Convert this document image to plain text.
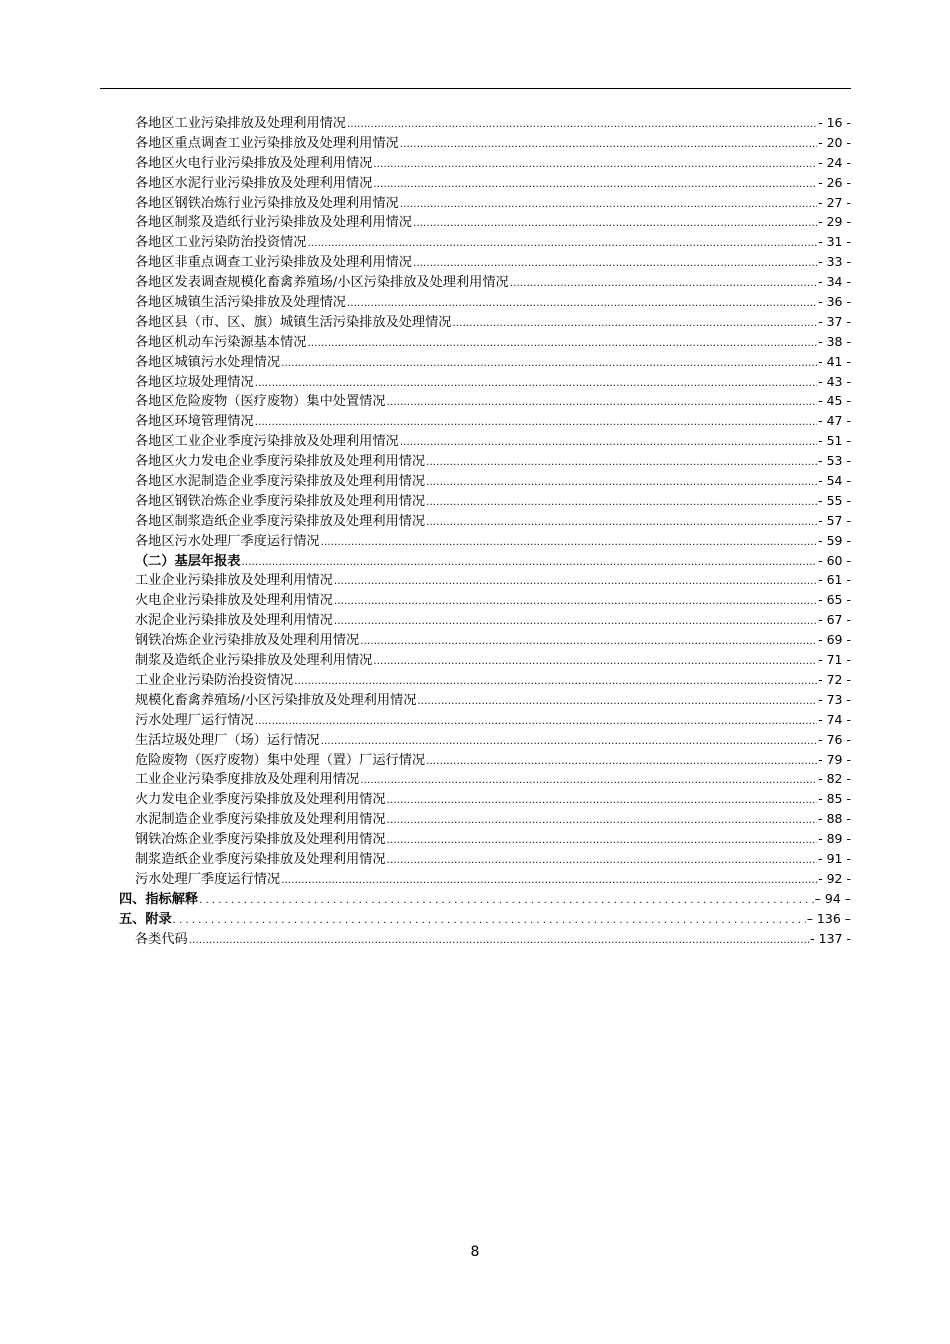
各地区工业污染排放及处理利用情况 .....	- 16 -
各地区重点调查工业污染排放及处理利用情况 .....	- 20 -
各地区火电行业污染排放及处理利用情况 .....	- 24 -
各地区水泥行业污染排放及处理利用情况 .....	- 26 -
各地区钢铁冶炼行业污染排放及处理利用情况 .....	- 27 -
各地区制浆及造纸行业污染排放及处理利用情况 .....	- 29 -
各地区工业污染防治投资情况 .....	- 31 -
各地区非重点调查工业污染排放及处理利用情况 .....	- 33 -
各地区发表调查规模化畜禽养殖场/小区污染排放及处理利用情况 .....	- 34 -
各地区城镇生活污染排放及处理情况 .....	- 36 -
各地区县（市、区、旗）城镇生活污染排放及处理情况 .....	- 37 -
各地区机动车污染源基本情况 .....	- 38 -
各地区城镇污水处理情况 .....	- 41 -
各地区垃圾处理情况 .....	- 43 -
各地区危险废物（医疗废物）集中处置情况 .....	- 45 -
各地区环境管理情况 .....	- 47 -
各地区工业企业季度污染排放及处理利用情况 .....	- 51 -
各地区火力发电企业季度污染排放及处理利用情况 .....	- 53 -
各地区水泥制造企业季度污染排放及处理利用情况 .....	- 54 -
各地区钢铁冶炼企业季度污染排放及处理利用情况 .....	- 55 -
各地区制浆造纸企业季度污染排放及处理利用情况 .....	- 57 -
各地区污水处理厂季度运行情况 .....	- 59 -
（二）基层年报表 .....	- 60 -
工业企业污染排放及处理利用情况 .....	- 61 -
火电企业污染排放及处理利用情况 .....	- 65 -
水泥企业污染排放及处理利用情况 .....	- 67 -
钢铁冶炼企业污染排放及处理利用情况 .....	- 69 -
制浆及造纸企业污染排放及处理利用情况 .....	- 71 -
工业企业污染防治投资情况 .....	- 72 -
规模化畜禽养殖场/小区污染排放及处理利用情况 .....	- 73 -
污水处理厂运行情况 .....	- 74 -
生活垃圾处理厂（场）运行情况 .....	- 76 -
危险废物（医疗废物）集中处理（置）厂运行情况 .....	- 79 -
工业企业污染季度排放及处理利用情况 .....	- 82 -
火力发电企业季度污染排放及处理利用情况 .....	- 85 -
水泥制造企业季度污染排放及处理利用情况 .....	- 88 -
钢铁冶炼企业季度污染排放及处理利用情况 .....	- 89 -
制浆造纸企业季度污染排放及处理利用情况 .....	- 91 -
污水处理厂季度运行情况 .....	- 92 -
四、指标解释 .....	– 94 –
五、附录 .....	– 136 –
各类代码 .....	- 137 -
8
